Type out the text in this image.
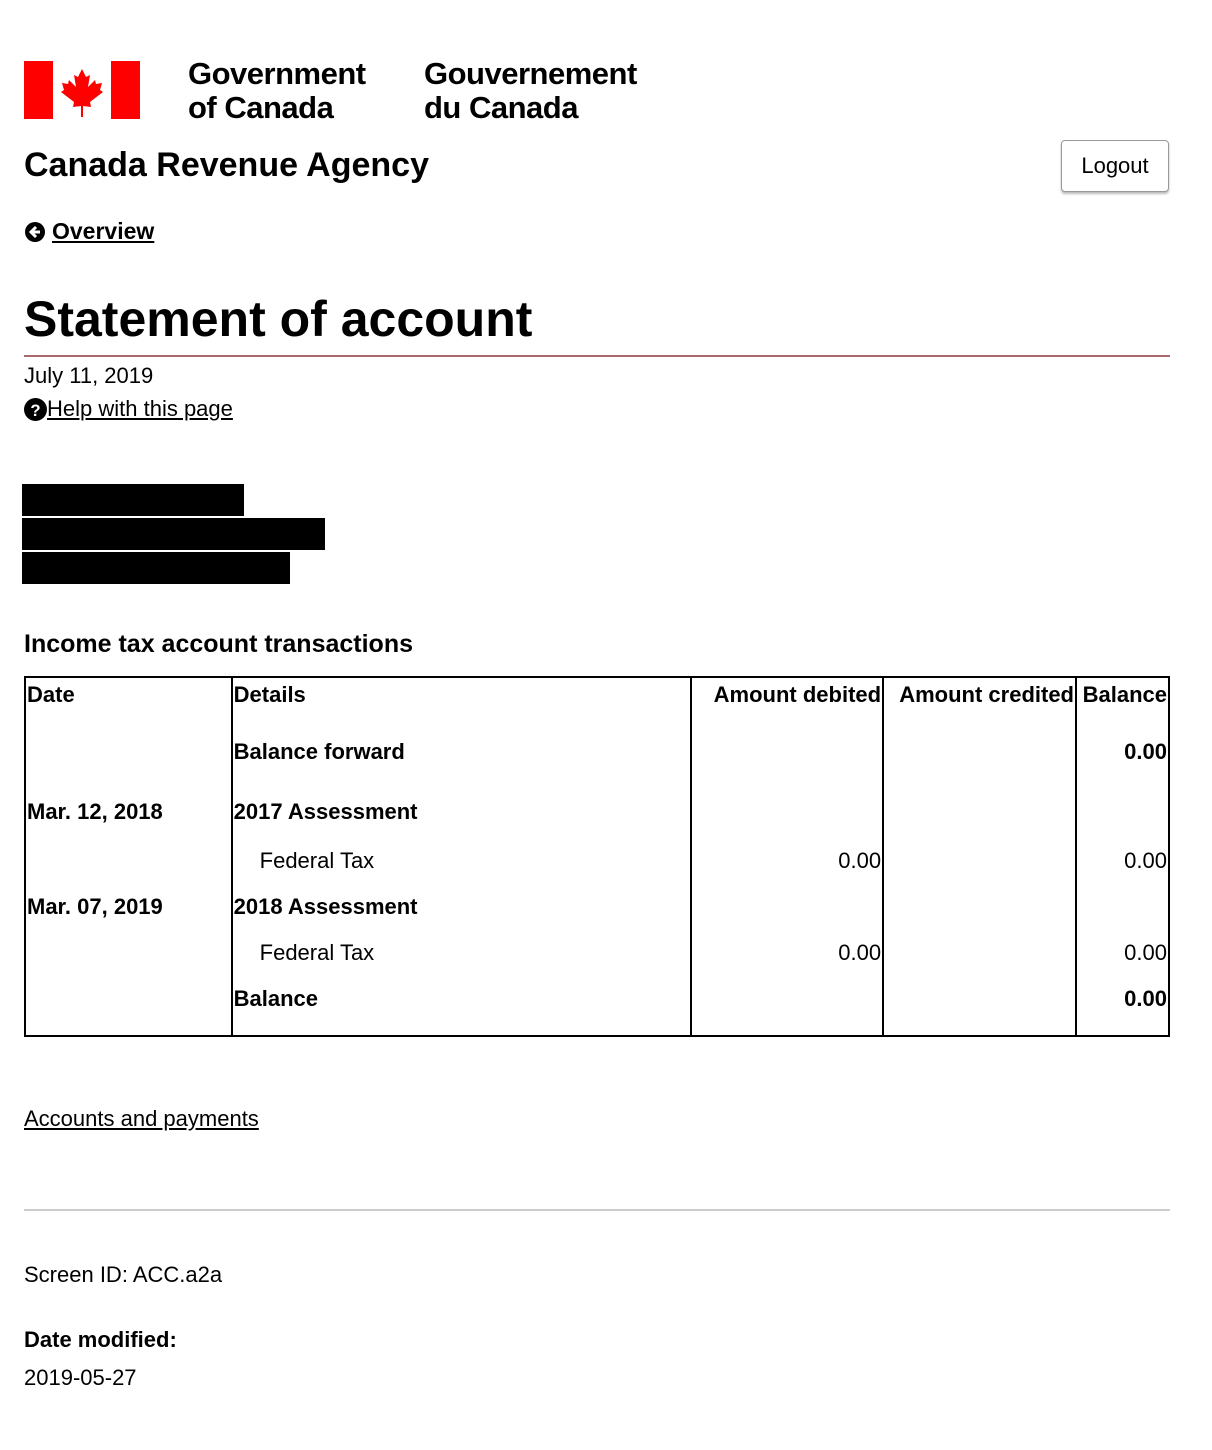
Government
of Canada
Gouvernement
du Canada
Canada Revenue Agency	Logout
Overview
Statement of account
July 11, 2019
? Help with this page
Income tax account transactions
Date	Details	Amount debited	Amount credited	Balance
	Balance forward			0.00
Mar. 12, 2018	2017 Assessment			
	Federal Tax	0.00		0.00
Mar. 07, 2019	2018 Assessment			
	Federal Tax	0.00		0.00
	Balance			0.00

Accounts and payments
Screen ID: ACC.a2a
Date modified:
2019-05-27
